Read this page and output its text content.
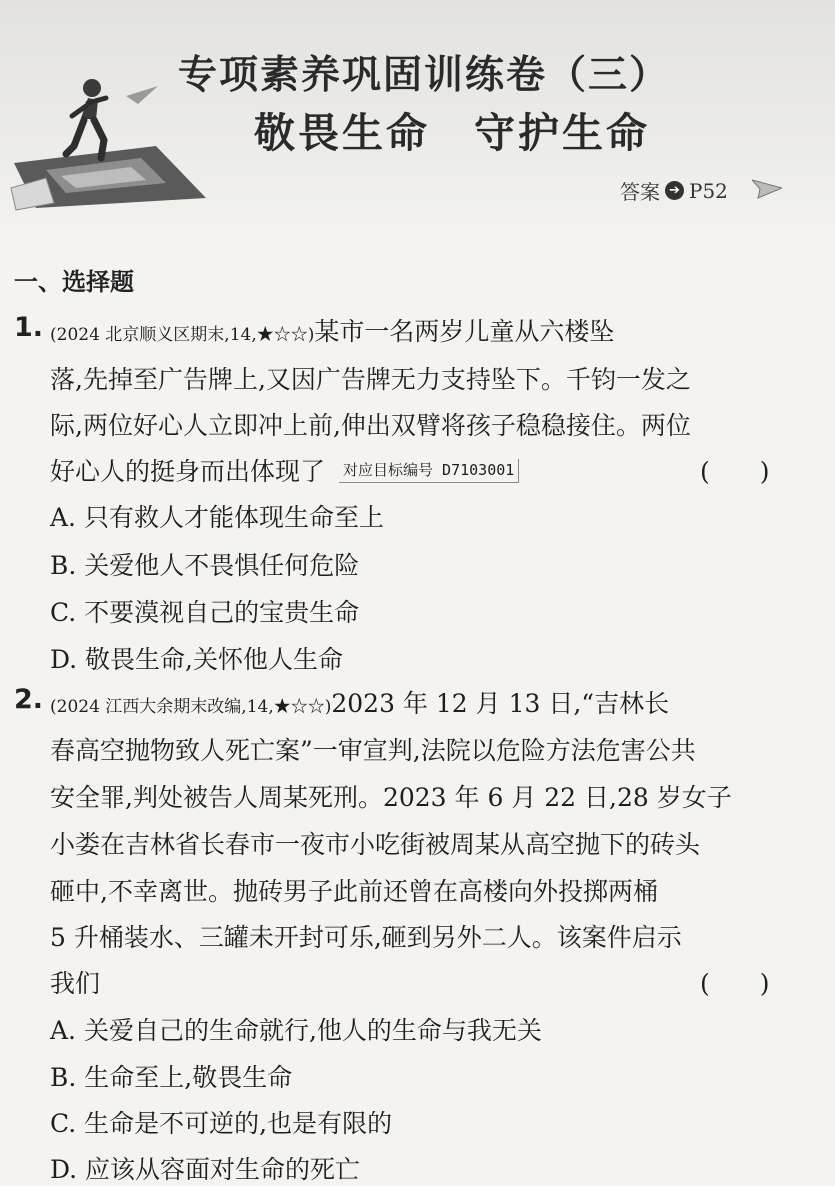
专项素养巩固训练卷（三）
敬畏生命　守护生命
答案 ➔ P52
一、选择题
1. (2024 北京顺义区期末,14,★☆☆)某市一名两岁儿童从六楼坠
落,先掉至广告牌上,又因广告牌无力支持坠下。千钧一发之
际,两位好心人立即冲上前,伸出双臂将孩子稳稳接住。两位
好心人的挺身而出体现了 对应目标编号 D7103001	(　　)
A. 只有救人才能体现生命至上
B. 关爱他人不畏惧任何危险
C. 不要漠视自己的宝贵生命
D. 敬畏生命,关怀他人生命
2. (2024 江西大余期末改编,14,★☆☆)2023 年 12 月 13 日,“吉林长
春高空抛物致人死亡案”一审宣判,法院以危险方法危害公共
安全罪,判处被告人周某死刑。2023 年 6 月 22 日,28 岁女子
小娄在吉林省长春市一夜市小吃街被周某从高空抛下的砖头
砸中,不幸离世。抛砖男子此前还曾在高楼向外投掷两桶
5 升桶装水、三罐未开封可乐,砸到另外二人。该案件启示
我们	(　　)
A. 关爱自己的生命就行,他人的生命与我无关
B. 生命至上,敬畏生命
C. 生命是不可逆的,也是有限的
D. 应该从容面对生命的死亡
